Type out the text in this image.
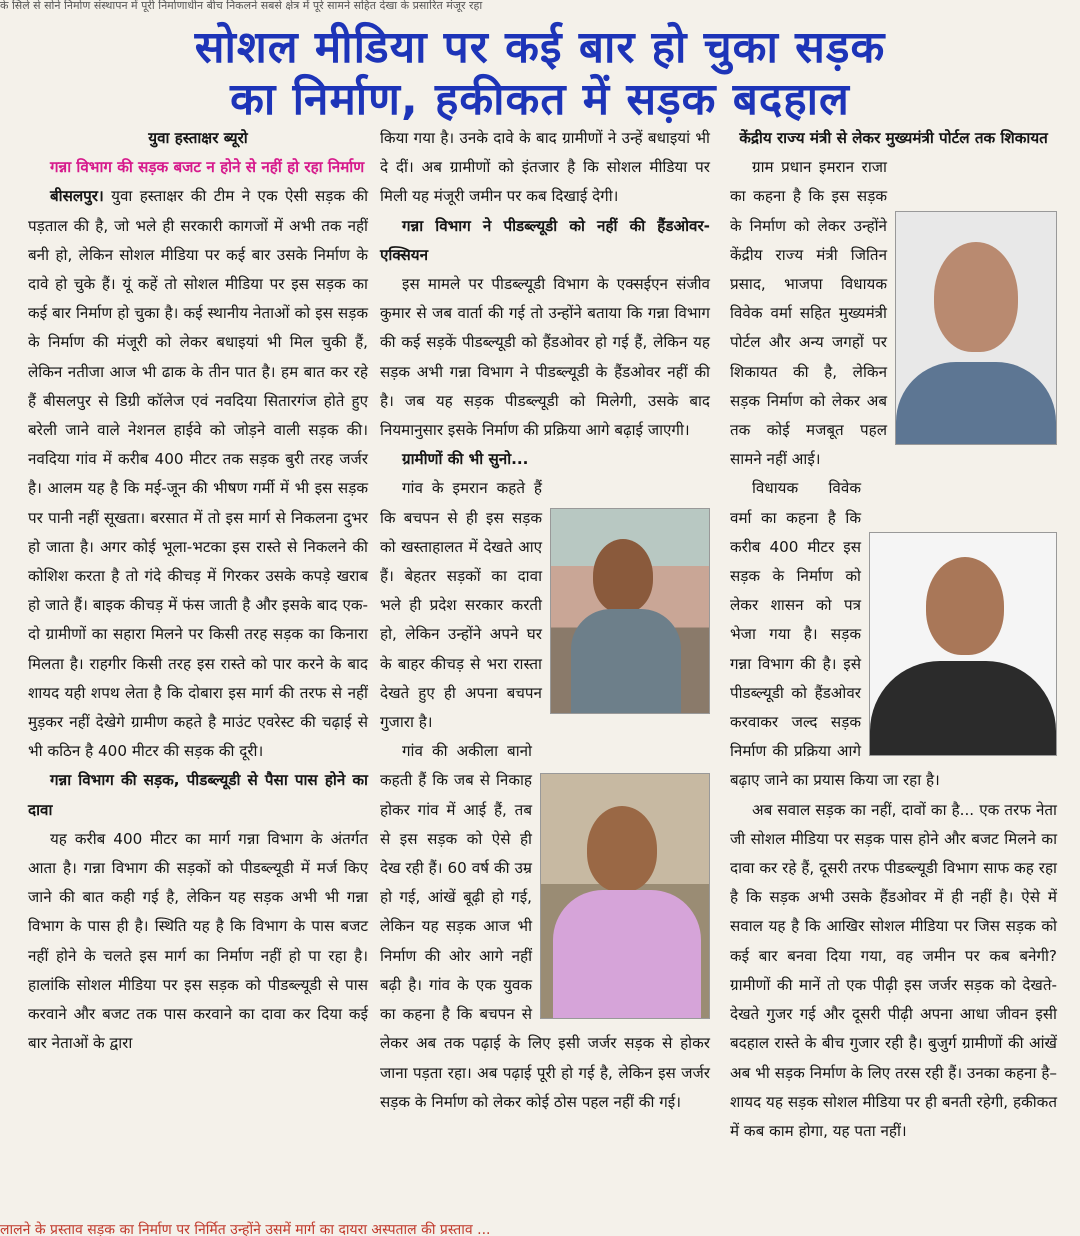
के सिले से सोने निर्माण संस्थापन में पूरी निर्माणाधीन बीच निकलने सबसे क्षेत्र में पूरे सामने सहित देखा के प्रसारित मंजूर रहा
सोशल मीडिया पर कई बार हो चुका सड़क
का निर्माण, हकीकत में सड़क बदहाल
युवा हस्ताक्षर ब्यूरो

गन्ना विभाग की सड़क बजट न होने से नहीं हो रहा निर्माण

बीसलपुर। युवा हस्ताक्षर की टीम ने एक ऐसी सड़क की पड़ताल की है, जो भले ही सरकारी कागजों में अभी तक नहीं बनी हो, लेकिन सोशल मीडिया पर कई बार उसके निर्माण के दावे हो चुके हैं। यूं कहें तो सोशल मीडिया पर इस सड़क का कई बार निर्माण हो चुका है। कई स्थानीय नेताओं को इस सड़क के निर्माण की मंजूरी को लेकर बधाइयां भी मिल चुकी हैं, लेकिन नतीजा आज भी ढाक के तीन पात है। हम बात कर रहे हैं बीसलपुर से डिग्री कॉलेज एवं नवदिया सितारगंज होते हुए बरेली जाने वाले नेशनल हाईवे को जोड़ने वाली सड़क की। नवदिया गांव में करीब 400 मीटर तक सड़क बुरी तरह जर्जर है। आलम यह है कि मई-जून की भीषण गर्मी में भी इस सड़क पर पानी नहीं सूखता। बरसात में तो इस मार्ग से निकलना दुभर हो जाता है। अगर कोई भूला-भटका इस रास्ते से निकलने की कोशिश करता है तो गंदे कीचड़ में गिरकर उसके कपड़े खराब हो जाते हैं। बाइक कीचड़ में फंस जाती है और इसके बाद एक-दो ग्रामीणों का सहारा मिलने पर किसी तरह सड़क का किनारा मिलता है। राहगीर किसी तरह इस रास्ते को पार करने के बाद शायद यही शपथ लेता है कि दोबारा इस मार्ग की तरफ से नहीं मुड़कर नहीं देखेगे ग्रामीण कहते है माउंट एवरेस्ट की चढ़ाई से भी कठिन है 400 मीटर की सड़क की दूरी।

गन्ना विभाग की सड़क, पीडब्ल्यूडी से पैसा पास होने का दावा

यह करीब 400 मीटर का मार्ग गन्ना विभाग के अंतर्गत आता है। गन्ना विभाग की सड़कों को पीडब्ल्यूडी में मर्ज किए जाने की बात कही गई है, लेकिन यह सड़क अभी भी गन्ना विभाग के पास ही है। स्थिति यह है कि विभाग के पास बजट नहीं होने के चलते इस मार्ग का निर्माण नहीं हो पा रहा है। हालांकि सोशल मीडिया पर इस सड़क को पीडब्ल्यूडी से पास करवाने और बजट तक पास करवाने का दावा कर दिया कई बार नेताओं के द्वारा

किया गया है। उनके दावे के बाद ग्रामीणों ने उन्हें बधाइयां भी दे दीं। अब ग्रामीणों को इंतजार है कि सोशल मीडिया पर मिली यह मंजूरी जमीन पर कब दिखाई देगी।

गन्ना विभाग ने पीडब्ल्यूडी को नहीं की हैंडओवर- एक्सियन

इस मामले पर पीडब्ल्यूडी विभाग के एक्सईएन संजीव कुमार से जब वार्ता की गई तो उन्होंने बताया कि गन्ना विभाग की कई सड़कें पीडब्ल्यूडी को हैंडओवर हो गई हैं, लेकिन यह सड़क अभी गन्ना विभाग ने पीडब्ल्यूडी के हैंडओवर नहीं की है। जब यह सड़क पीडब्ल्यूडी को मिलेगी, उसके बाद नियमानुसार इसके निर्माण की प्रक्रिया आगे बढ़ाई जाएगी।

ग्रामीणों की भी सुनो...

गांव के इमरान कहते हैं कि बचपन से ही इस सड़क को खस्ताहालत में देखते आए हैं। बेहतर सड़कों का दावा भले ही प्रदेश सरकार करती हो, लेकिन उन्होंने अपने घर के बाहर कीचड़ से भरा रास्ता देखते हुए ही अपना बचपन गुजारा है।

गांव की अकीला बानो कहती हैं कि जब से निकाह होकर गांव में आई हैं, तब से इस सड़क को ऐसे ही देख रही हैं। 60 वर्ष की उम्र हो गई, आंखें बूढ़ी हो गई, लेकिन यह सड़क आज भी निर्माण की ओर आगे नहीं बढ़ी है। गांव के एक युवक का कहना है कि बचपन से लेकर अब तक पढ़ाई के लिए इसी जर्जर सड़क से होकर जाना पड़ता रहा। अब पढ़ाई पूरी हो गई है, लेकिन इस जर्जर सड़क के निर्माण को लेकर कोई ठोस पहल नहीं की गई।

केंद्रीय राज्य मंत्री से लेकर मुख्यमंत्री पोर्टल तक शिकायत

ग्राम प्रधान इमरान राजा का कहना है कि इस सड़क के निर्माण को लेकर उन्होंने केंद्रीय राज्य मंत्री जितिन प्रसाद, भाजपा विधायक विवेक वर्मा सहित मुख्यमंत्री पोर्टल और अन्य जगहों पर शिकायत की है, लेकिन सड़क निर्माण को लेकर अब तक कोई मजबूत पहल सामने नहीं आई।

विधायक विवेक वर्मा का कहना है कि करीब 400 मीटर इस सड़क के निर्माण को लेकर शासन को पत्र भेजा गया है। सड़क गन्ना विभाग की है। इसे पीडब्ल्यूडी को हैंडओवर करवाकर जल्द सड़क निर्माण की प्रक्रिया आगे बढ़ाए जाने का प्रयास किया जा रहा है।

अब सवाल सड़क का नहीं, दावों का है... एक तरफ नेता जी सोशल मीडिया पर सड़क पास होने और बजट मिलने का दावा कर रहे हैं, दूसरी तरफ पीडब्ल्यूडी विभाग साफ कह रहा है कि सड़क अभी उसके हैंडओवर में ही नहीं है। ऐसे में सवाल यह है कि आखिर सोशल मीडिया पर जिस सड़क को कई बार बनवा दिया गया, वह जमीन पर कब बनेगी? ग्रामीणों की मानें तो एक पीढ़ी इस जर्जर सड़क को देखते-देखते गुजर गई और दूसरी पीढ़ी अपना आधा जीवन इसी बदहाल रास्ते के बीच गुजार रही है। बुजुर्ग ग्रामीणों की आंखें अब भी सड़क निर्माण के लिए तरस रही हैं। उनका कहना है–शायद यह सड़क सोशल मीडिया पर ही बनती रहेगी, हकीकत में कब काम होगा, यह पता नहीं।

लालने के प्रस्ताव सड़क का निर्माण पर निर्मित उन्होंने उसमें मार्ग का दायरा अस्पताल की प्रस्ताव ...
